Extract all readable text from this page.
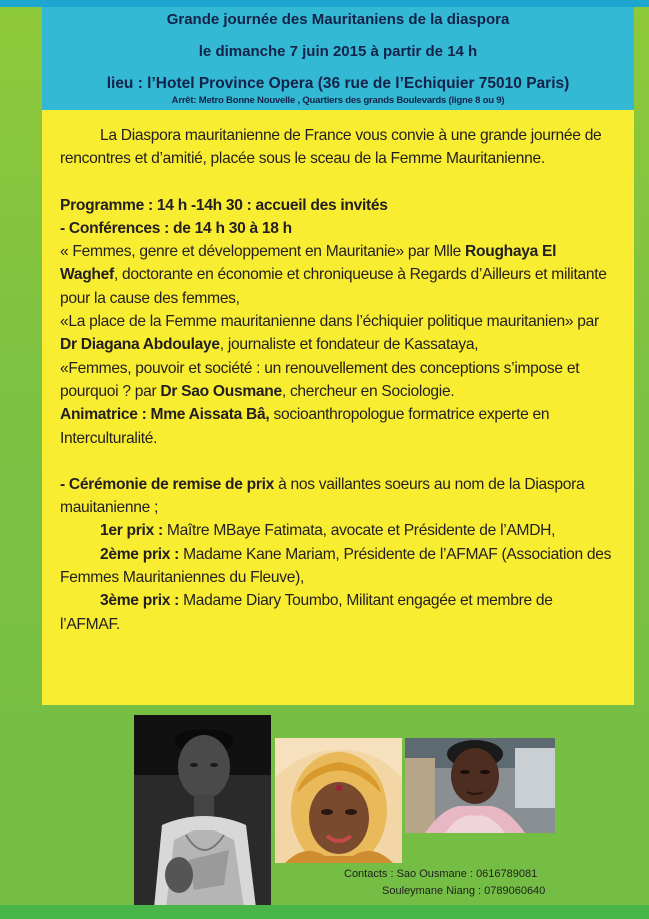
Grande journée des Mauritaniens de la diaspora
le dimanche 7 juin 2015 à partir de 14 h
lieu : l’Hotel Province Opera (36 rue de l’Echiquier 75010 Paris)
Arrêt: Metro Bonne Nouvelle , Quartiers des grands Boulevards (ligne 8 ou 9)

La Diaspora mauritanienne de France vous convie à une grande journée de rencontres et d’amitié, placée sous le sceau de la Femme Mauritanienne.

Programme : 14 h -14h 30 : accueil des invités

- Conférences : de 14 h 30 à 18 h

« Femmes, genre et développement en Mauritanie» par Mlle Roughaya El Waghef, doctorante en économie et chroniqueuse à Regards d’Ailleurs et militante pour la cause des femmes,

«La place de la Femme mauritanienne dans l’échiquier politique mauritanien» par Dr Diagana Abdoulaye, journaliste et fondateur de Kassataya,

«Femmes, pouvoir et société : un renouvellement des conceptions s’impose et pourquoi ? par Dr Sao Ousmane, chercheur en Sociologie.

Animatrice : Mme Aissata Bâ, socioanthropologue formatrice experte en Interculturalité.

- Cérémonie de remise de prix à nos vaillantes soeurs au nom de la Diaspora mauitanienne ;

1er prix : Maître MBaye Fatimata, avocate et Présidente de l’AMDH,

2ème prix : Madame Kane Mariam, Présidente de l’AFMAF (Association des Femmes Mauritaniennes du Fleuve),

3ème prix : Madame Diary Toumbo, Militant engagée et membre de l’AFMAF.

Contacts : Sao Ousmane : 0616789081
Souleymane Niang : 0789060640
